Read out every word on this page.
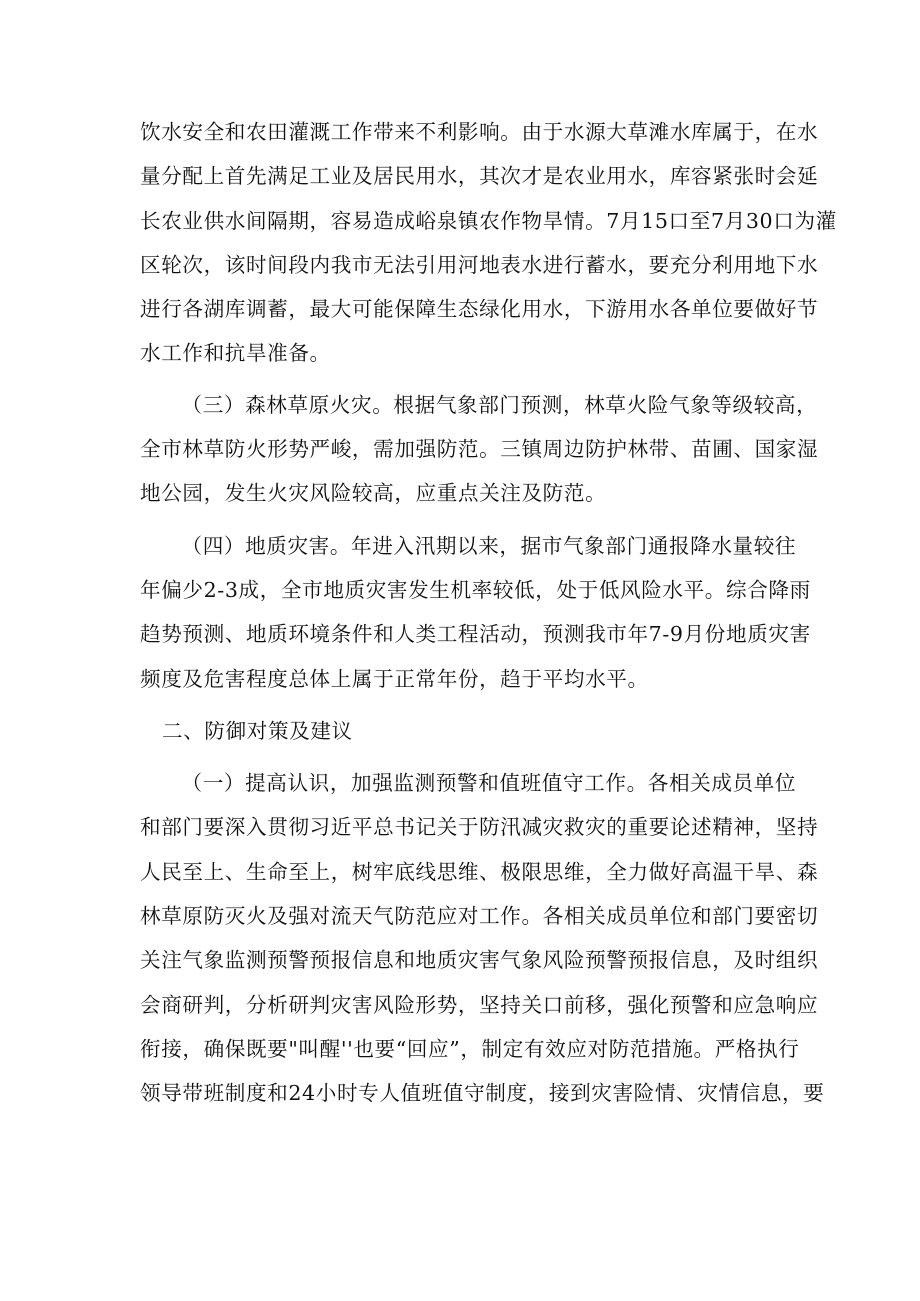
饮水安全和农田灌溉工作带来不利影响。由于水源大草滩水库属于，在水
量分配上首先满足工业及居民用水，其次才是农业用水，库容紧张时会延
长农业供水间隔期，容易造成峪泉镇农作物旱情。7月15口至7月30口为灌
区轮次，该时间段内我市无法引用河地表水进行蓄水，要充分利用地下水
进行各湖库调蓄，最大可能保障生态绿化用水，下游用水各单位要做好节
水工作和抗旱准备。

（三）森林草原火灾。根据气象部门预测，林草火险气象等级较高，
全市林草防火形势严峻，需加强防范。三镇周边防护林带、苗圃、国家湿
地公园，发生火灾风险较高，应重点关注及防范。

（四）地质灾害。年进入汛期以来，据市气象部门通报降水量较往
年偏少2-3成，全市地质灾害发生机率较低，处于低风险水平。综合降雨
趋势预测、地质环境条件和人类工程活动，预测我市年7-9月份地质灾害
频度及危害程度总体上属于正常年份，趋于平均水平。

二、防御对策及建议

（一）提高认识，加强监测预警和值班值守工作。各相关成员单位
和部门要深入贯彻习近平总书记关于防汛减灾救灾的重要论述精神，坚持
人民至上、生命至上，树牢底线思维、极限思维，全力做好高温干旱、森
林草原防灭火及强对流天气防范应对工作。各相关成员单位和部门要密切
关注气象监测预警预报信息和地质灾害气象风险预警预报信息，及时组织
会商研判，分析研判灾害风险形势，坚持关口前移，强化预警和应急响应
衔接，确保既要"叫醒''也要“回应”，制定有效应对防范措施。严格执行
领导带班制度和24小时专人值班值守制度，接到灾害险情、灾情信息，要
